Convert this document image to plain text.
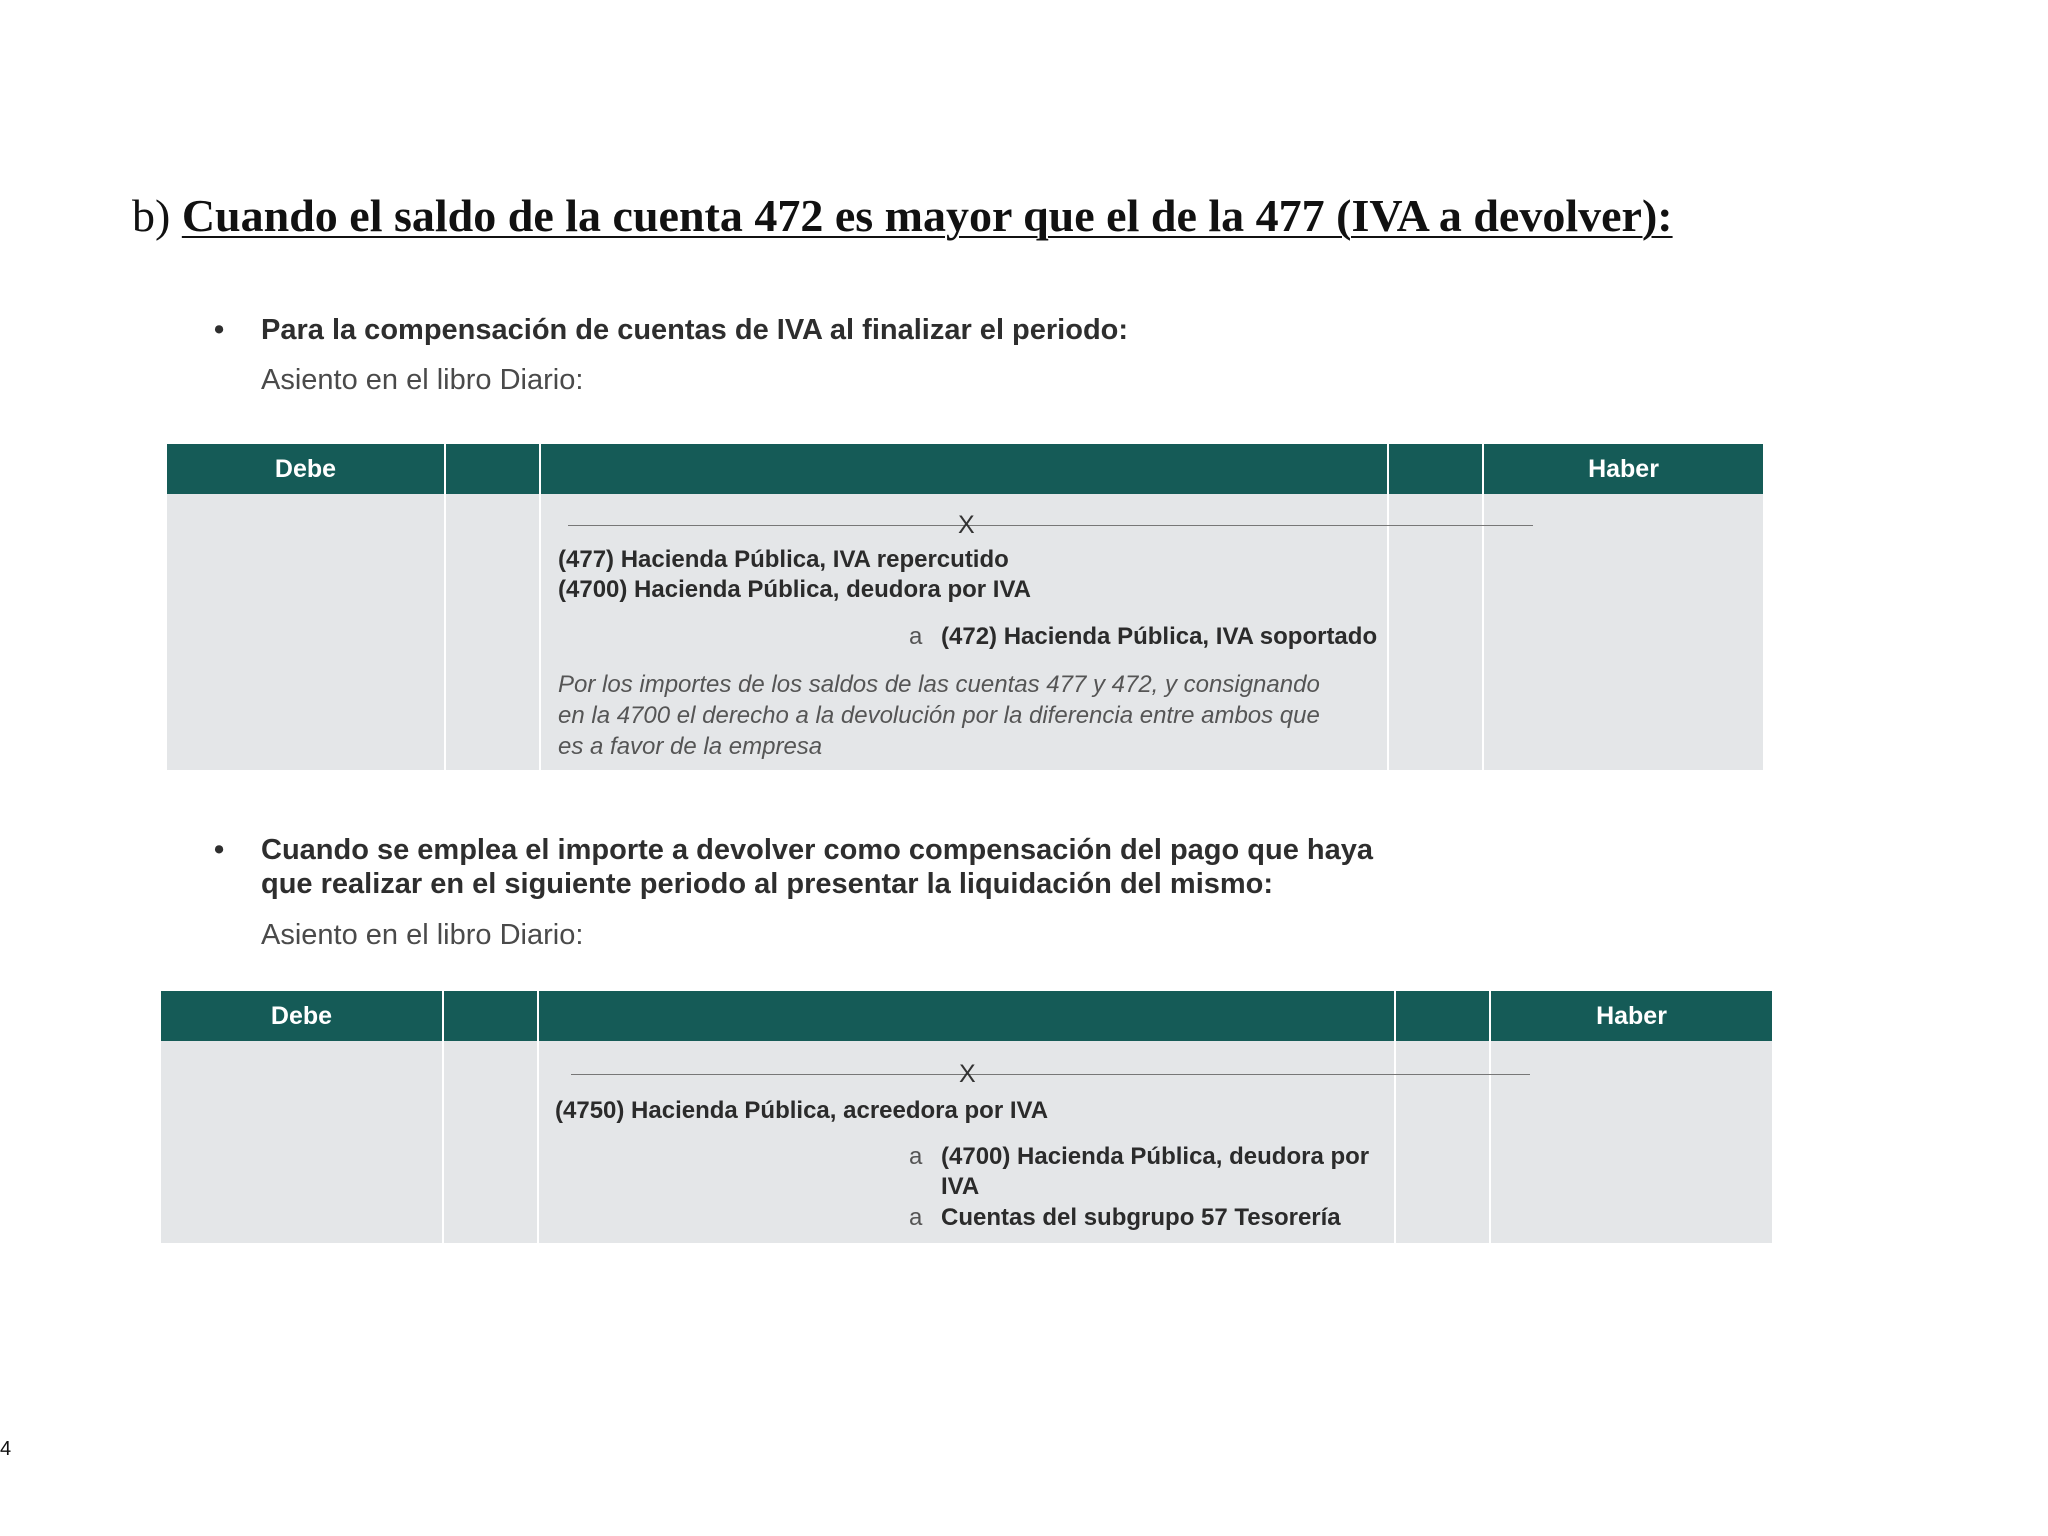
b) Cuando el saldo de la cuenta 472 es mayor que el de la 477 (IVA a devolver):
• Para la compensación de cuentas de IVA al finalizar el periodo:
Asiento en el libro Diario:
Debe	Haber
X
(477) Hacienda Pública, IVA repercutido
(4700) Hacienda Pública, deudora por IVA
a (472) Hacienda Pública, IVA soportado
Por los importes de los saldos de las cuentas 477 y 472, y consignando
en la 4700 el derecho a la devolución por la diferencia entre ambos que
es a favor de la empresa
• Cuando se emplea el importe a devolver como compensación del pago que haya
que realizar en el siguiente periodo al presentar la liquidación del mismo:
Asiento en el libro Diario:
Debe	Haber
X
(4750) Hacienda Pública, acreedora por IVA
a (4700) Hacienda Pública, deudora por
IVA
a Cuentas del subgrupo 57 Tesorería
4
